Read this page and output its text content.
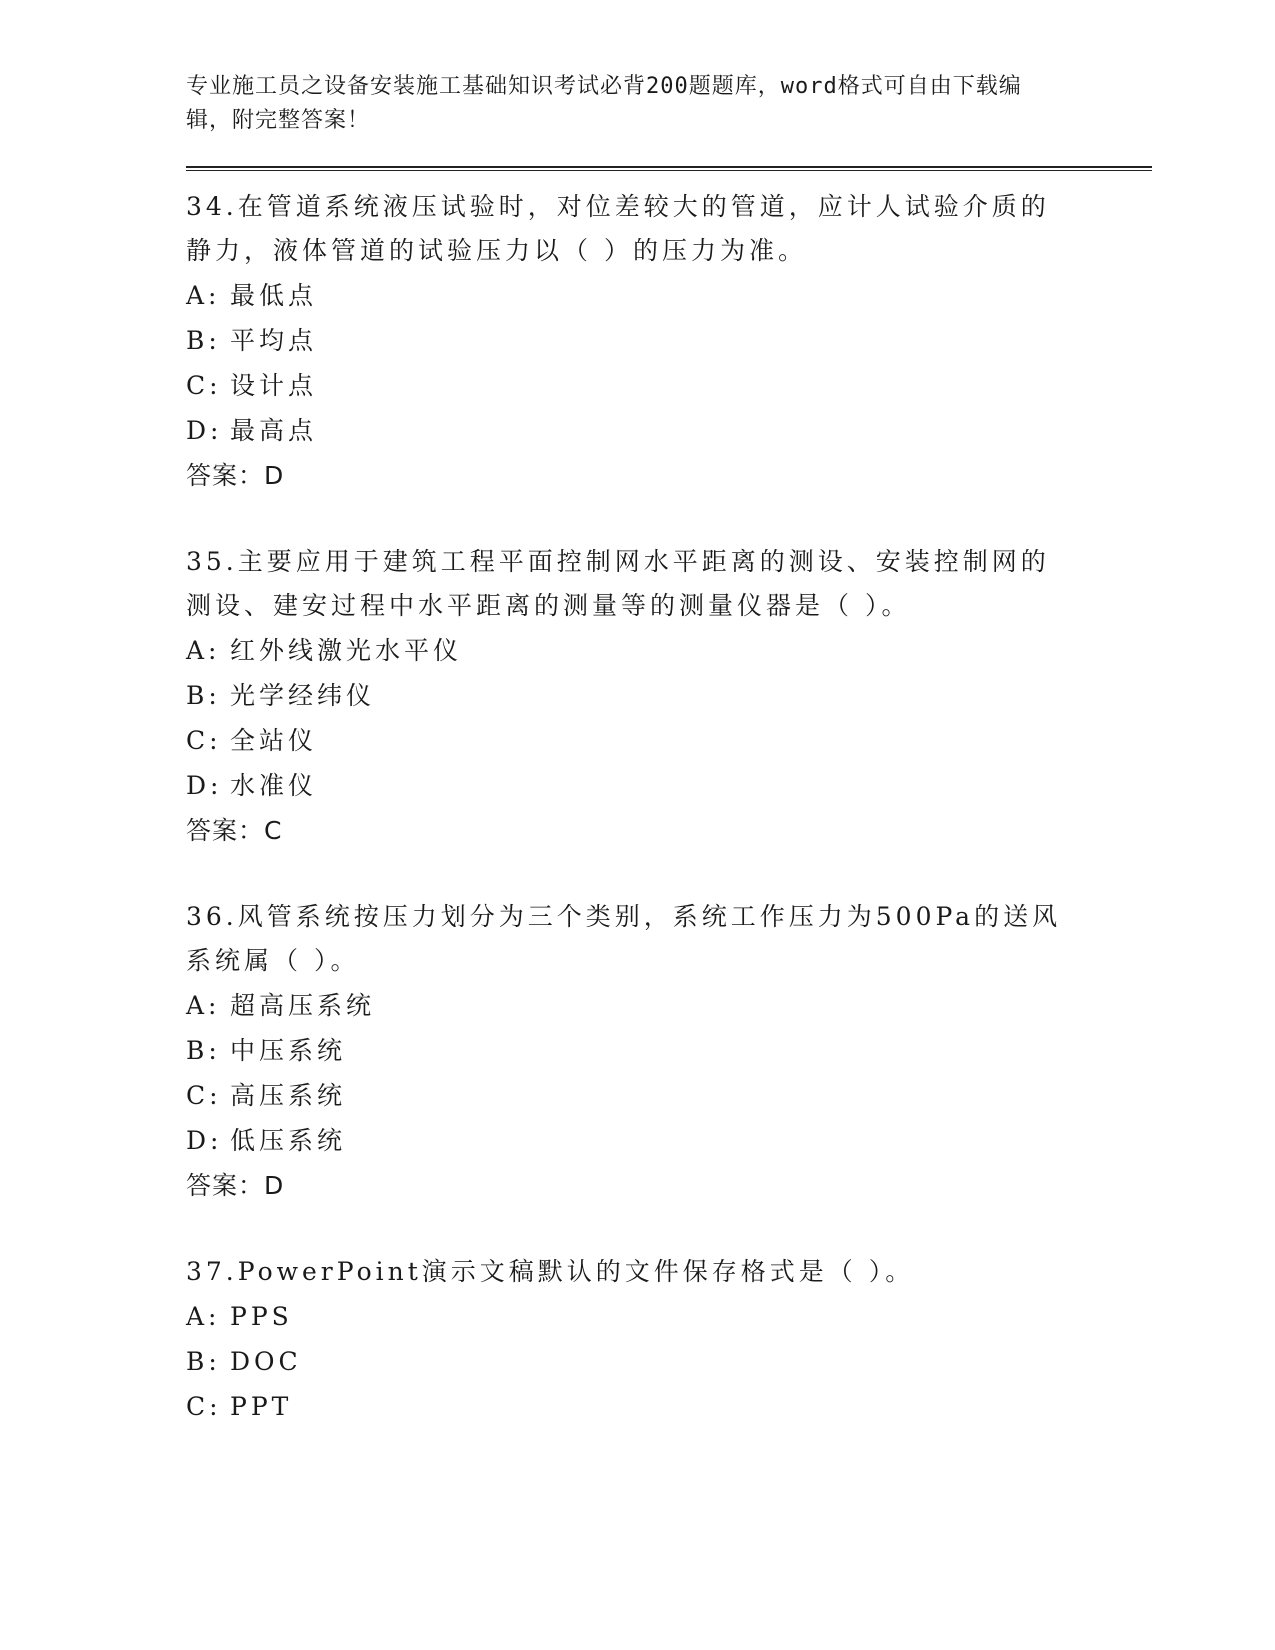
专业施工员之设备安装施工基础知识考试必背200题题库，word格式可自由下载编辑，附完整答案！

34.在管道系统液压试验时，对位差较大的管道，应计人试验介质的静力，液体管道的试验压力以（ ）的压力为准。

A: 最低点

B: 平均点

C: 设计点

D: 最高点

答案：D

35.主要应用于建筑工程平面控制网水平距离的测设、安装控制网的测设、建安过程中水平距离的测量等的测量仪器是（ ）。

A: 红外线激光水平仪

B: 光学经纬仪

C: 全站仪

D: 水准仪

答案：C

36.风管系统按压力划分为三个类别，系统工作压力为500Pa的送风系统属（ ）。

A: 超高压系统

B: 中压系统

C: 高压系统

D: 低压系统

答案：D

37.PowerPoint演示文稿默认的文件保存格式是（ ）。

A: PPS

B: DOC

C: PPT
